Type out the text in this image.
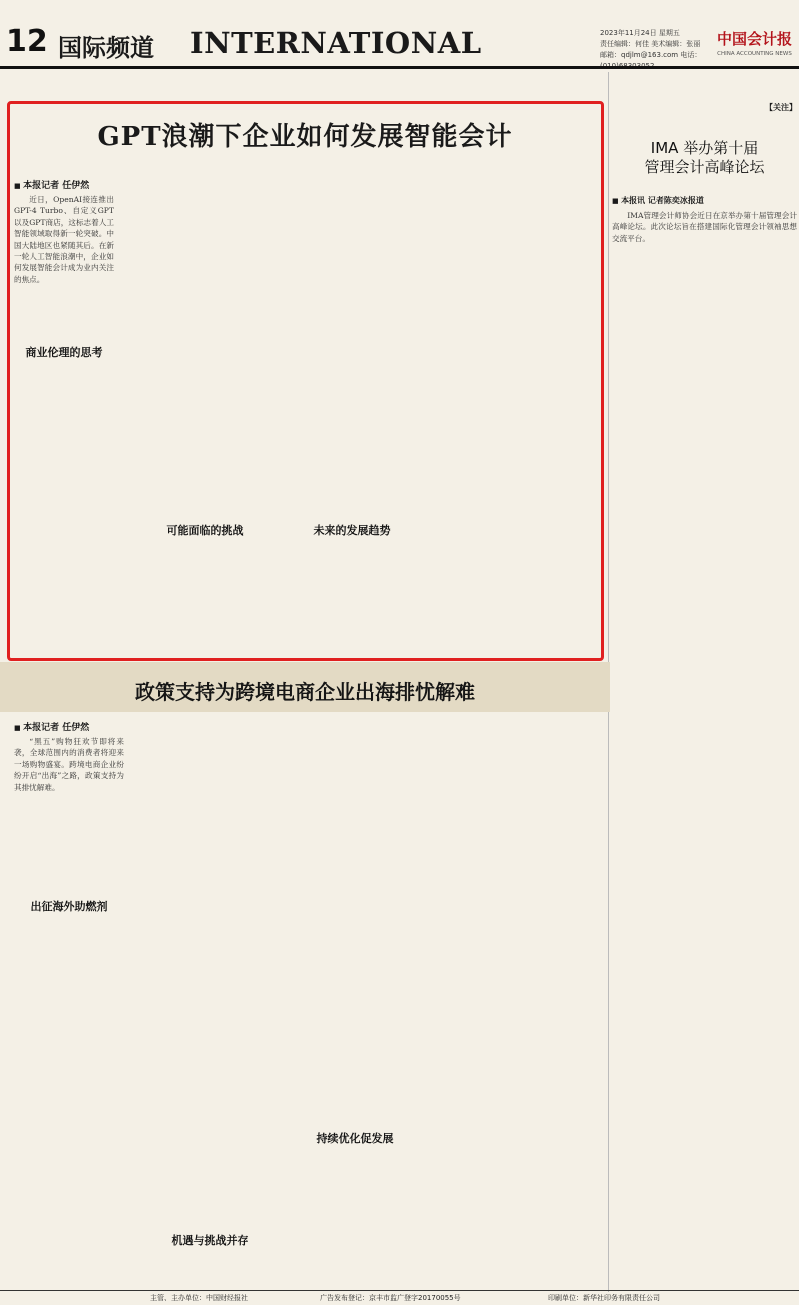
12 国际频道 INTERNATIONAL	2023年11月24日 星期五
责任编辑：何佳 美术编辑：张丽
邮箱：qdjlm@163.com 电话：
中国会计报
CHINA ACCOUNTING NEWS
GPT浪潮下企业如何发展智能会计
■ 本报记者 任伊然

近日，OpenAI接连推出GPT-4 Turbo、自定义GPT以及GPT商店，这标志着人工智能领域取得新一轮突破。中国大陆地区也紧随其后。在新一轮人工智能浪潮中，企业如何发展智能会计成为业内关注的焦点。

商业伦理的思考
可能面临的挑战	未来的发展趋势
政策支持为跨境电商企业出海排忧解难
■ 本报记者 任伊然

“黑五”购物狂欢节即将来袭，全球范围内的消费者将迎来一场购物盛宴。跨境电商企业纷纷开启“出海”之路，政策支持为其排忧解难。

出征海外助燃剂
机遇与挑战并存
持续优化促发展
【关注】
IMA 举办第十届
管理会计高峰论坛
■ 本报讯 记者陈奕冰报道

IMA管理会计师协会近日在京举办第十届管理会计高峰论坛。此次论坛旨在搭建国际化管理会计领袖思想交流平台。

主管、主办单位：中国财经报社	广告发布登记：京丰市监广登字20170055号	印刷单位：新华社印务有限责任公司
